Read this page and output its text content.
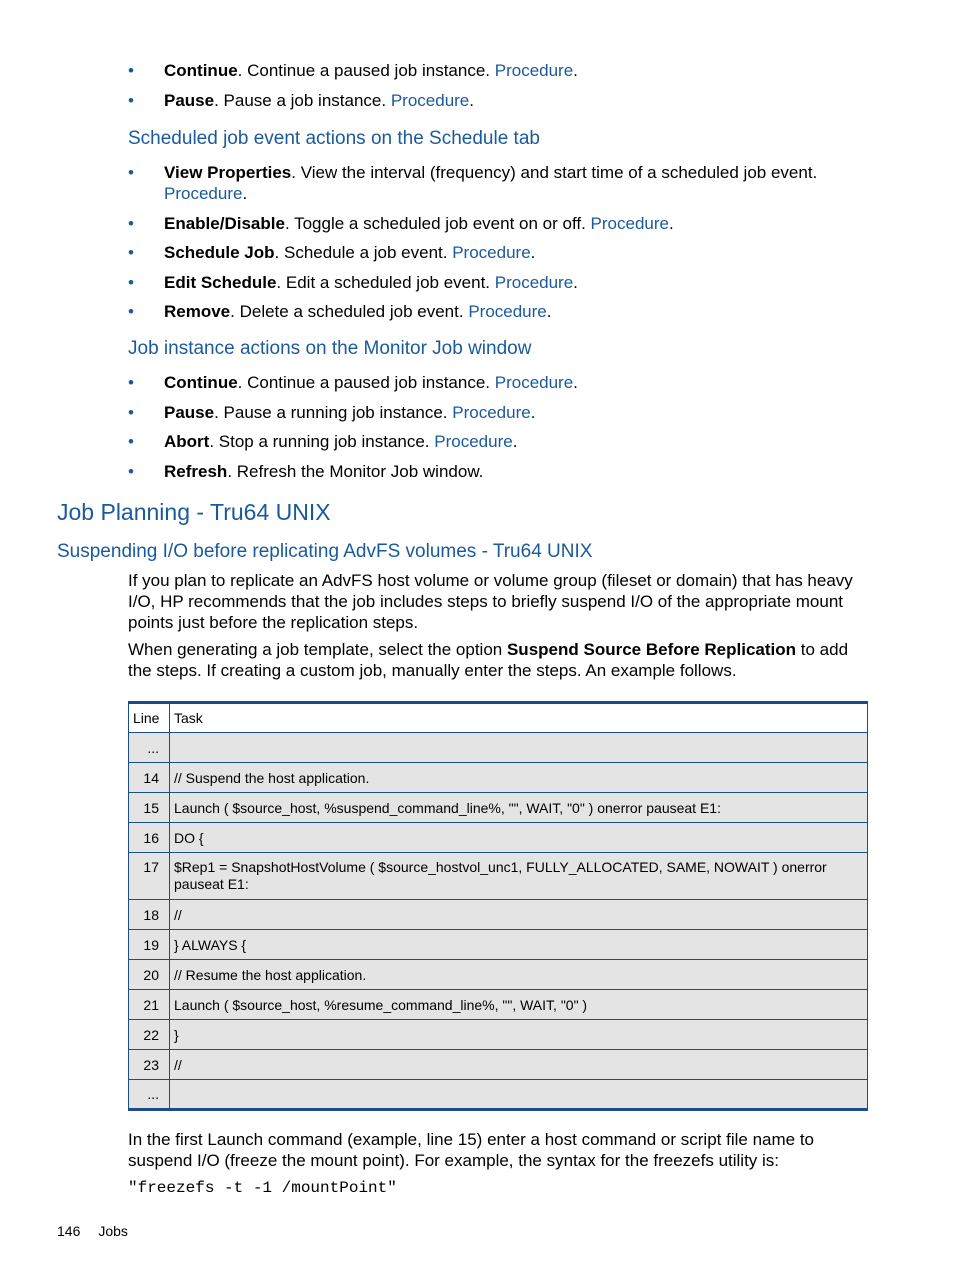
• Continue. Continue a paused job instance. Procedure.
• Pause. Pause a job instance. Procedure.
Scheduled job event actions on the Schedule tab
• View Properties. View the interval (frequency) and start time of a scheduled job event. Procedure.
• Enable/Disable. Toggle a scheduled job event on or off. Procedure.
• Schedule Job. Schedule a job event. Procedure.
• Edit Schedule. Edit a scheduled job event. Procedure.
• Remove. Delete a scheduled job event. Procedure.
Job instance actions on the Monitor Job window
• Continue. Continue a paused job instance. Procedure.
• Pause. Pause a running job instance. Procedure.
• Abort. Stop a running job instance. Procedure.
• Refresh. Refresh the Monitor Job window.
Job Planning - Tru64 UNIX
Suspending I/O before replicating AdvFS volumes - Tru64 UNIX
If you plan to replicate an AdvFS host volume or volume group (fileset or domain) that has heavy I/O, HP recommends that the job includes steps to briefly suspend I/O of the appropriate mount points just before the replication steps.
When generating a job template, select the option Suspend Source Before Replication to add the steps. If creating a custom job, manually enter the steps. An example follows.
Line	Task
...	
14	// Suspend the host application.
15	Launch ( $source_host, %suspend_command_line%, "", WAIT, "0" ) onerror pauseat E1:
16	DO {
17	$Rep1 = SnapshotHostVolume ( $source_hostvol_unc1, FULLY_ALLOCATED, SAME, NOWAIT ) onerror pauseat E1:
18	//
19	} ALWAYS {
20	// Resume the host application.
21	Launch ( $source_host, %resume_command_line%, "", WAIT, "0" )
22	}
23	//
...	
In the first Launch command (example, line 15) enter a host command or script file name to suspend I/O (freeze the mount point). For example, the syntax for the freezefs utility is:
"freezefs -t -1 /mountPoint"
146 Jobs
